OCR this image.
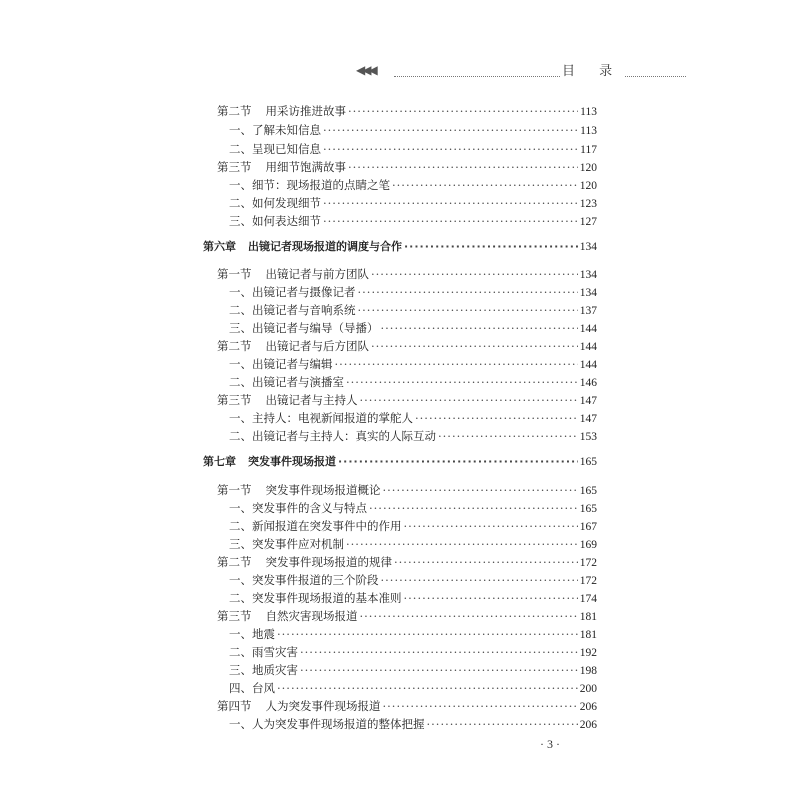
◀◀◀	目 录
第二节 用采访推进故事 ·····	113
一、了解未知信息 ·····	113
二、呈现已知信息 ·····	117
第三节 用细节饱满故事 ·····	120
一、细节：现场报道的点睛之笔 ·····	120
二、如何发现细节 ·····	123
三、如何表达细节 ·····	127
第六章 出镜记者现场报道的调度与合作 ·····	134
第一节 出镜记者与前方团队 ·····	134
一、出镜记者与摄像记者 ·····	134
二、出镜记者与音响系统 ·····	137
三、出镜记者与编导（导播） ·····	144
第二节 出镜记者与后方团队 ·····	144
一、出镜记者与编辑 ·····	144
二、出镜记者与演播室 ·····	146
第三节 出镜记者与主持人 ·····	147
一、主持人：电视新闻报道的掌舵人 ·····	147
二、出镜记者与主持人：真实的人际互动 ·····	153
第七章 突发事件现场报道 ·····	165
第一节 突发事件现场报道概论 ·····	165
一、突发事件的含义与特点 ·····	165
二、新闻报道在突发事件中的作用 ·····	167
三、突发事件应对机制 ·····	169
第二节 突发事件现场报道的规律 ·····	172
一、突发事件报道的三个阶段 ·····	172
二、突发事件现场报道的基本准则 ·····	174
第三节 自然灾害现场报道 ·····	181
一、地震 ·····	181
二、雨雪灾害 ·····	192
三、地质灾害 ·····	198
四、台风 ·····	200
第四节 人为突发事件现场报道 ·····	206
一、人为突发事件现场报道的整体把握 ·····	206
· 3 ·
